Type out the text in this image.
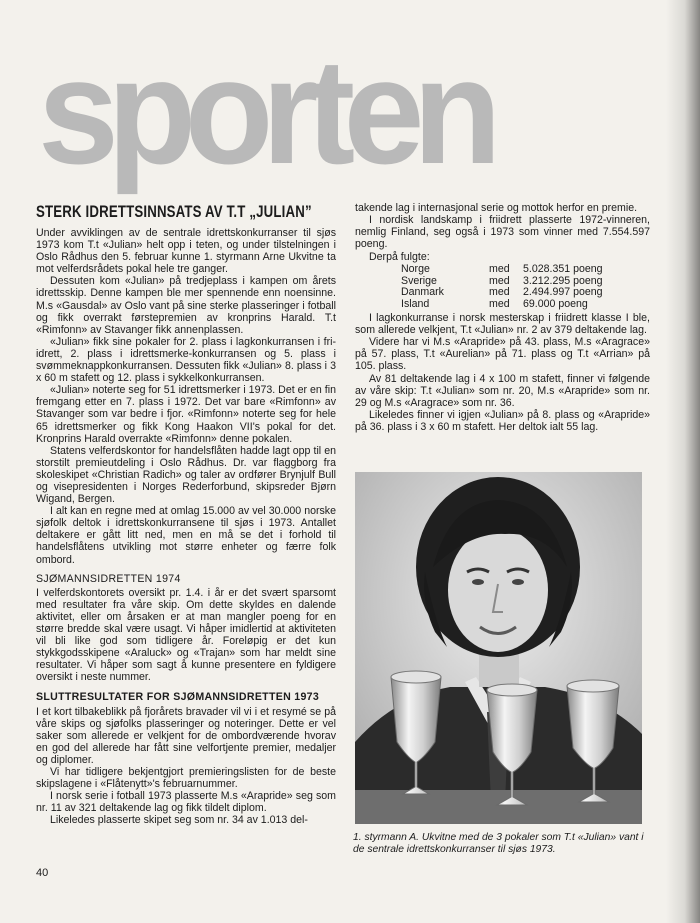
sporten
STERK IDRETTSINNSATS AV T.T „JULIAN”

Under avviklingen av de sentrale idrettskonkurranser til sjøs 1973 kom T.t «Julian» helt opp i teten, og under tilstelningen i Oslo Rådhus den 5. februar kunne 1. styrmann Arne Ukvitne ta mot velferdsrådets pokal hele tre ganger.

Dessuten kom «Julian» på tredjeplass i kampen om årets idrettsskip. Denne kampen ble mer spennende enn noensinne. M.s «Gausdal» av Oslo vant på sine sterke plasseringer i fotball og fikk overrakt førstepremien av kronprins Harald. T.t «Rimfonn» av Stavanger fikk annenplassen.

«Julian» fikk sine pokaler for 2. plass i lagkonkurransen i fri-idrett, 2. plass i idrettsmerke-konkurransen og 5. plass i svømmeknappkonkurransen. Dessuten fikk «Julian» 8. plass i 3 x 60 m stafett og 12. plass i sykkelkonkurransen.

«Julian» noterte seg for 51 idrettsmerker i 1973. Det er en fin fremgang etter en 7. plass i 1972. Det var bare «Rimfonn» av Stavanger som var bedre i fjor. «Rimfonn» noterte seg for hele 65 idrettsmerker og fikk Kong Haakon VII's pokal for det. Kronprins Harald overrakte «Rimfonn» denne pokalen.

Statens velferdskontor for handelsflåten hadde lagt opp til en storstilt premieutdeling i Oslo Rådhus. Dr. var flaggborg fra skoleskipet «Christian Radich» og taler av ordfører Brynjulf Bull og visepresidenten i Norges Rederforbund, skipsreder Bjørn Wigand, Bergen.

I alt kan en regne med at omlag 15.000 av vel 30.000 norske sjøfolk deltok i idrettskonkurransene til sjøs i 1973. Antallet deltakere er gått litt ned, men en må se det i forhold til handelsflåtens utvikling mot større enheter og færre folk ombord.

SJØMANNSIDRETTEN 1974

I velferdskontorets oversikt pr. 1.4. i år er det svært sparsomt med resultater fra våre skip. Om dette skyldes en dalende aktivitet, eller om årsaken er at man mangler poeng for en større bredde skal være usagt. Vi håper imidlertid at aktiviteten vil bli like god som tidligere år. Foreløpig er det kun stykkgodsskipene «Araluck» og «Trajan» som har meldt sine resultater. Vi håper som sagt å kunne presentere en fyldigere oversikt i neste nummer.

SLUTTRESULTATER FOR SJØMANNSIDRETTEN 1973

I et kort tilbakeblikk på fjorårets bravader vil vi i et resymé se på våre skips og sjøfolks plasseringer og noteringer. Dette er vel saker som allerede er velkjent for de ombordværende hvorav en god del allerede har fått sine velfortjente premier, medaljer og diplomer.

Vi har tidligere bekjentgjort premieringslisten for de beste skipslagene i «Flåtenytt»'s februarnummer.

I norsk serie i fotball 1973 plasserte M.s «Arapride» seg som nr. 11 av 321 deltakende lag og fikk tildelt diplom.

Likeledes plasserte skipet seg som nr. 34 av 1.013 del-

takende lag i internasjonal serie og mottok herfor en premie.

I nordisk landskamp i friidrett plasserte 1972-vinneren, nemlig Finland, seg også i 1973 som vinner med 7.554.597 poeng.

Derpå fulgte:
Norge	med	5.028.351 poeng
Sverige	med	3.212.295 poeng
Danmark	med	2.494.997 poeng
Island	med	69.000 poeng

I lagkonkurranse i norsk mesterskap i friidrett klasse I ble, som allerede velkjent, T.t «Julian» nr. 2 av 379 deltakende lag.

Videre har vi M.s «Arapride» på 43. plass, M.s «Aragrace» på 57. plass, T.t «Aurelian» på 71. plass og T.t «Arrian» på 105. plass.

Av 81 deltakende lag i 4 x 100 m stafett, finner vi følgende av våre skip: T.t «Julian» som nr. 20, M.s «Arapride» som nr. 29 og M.s «Aragrace» som nr. 36.

Likeledes finner vi igjen «Julian» på 8. plass og «Arapride» på 36. plass i 3 x 60 m stafett. Her deltok ialt 55 lag.

1. styrmann A. Ukvitne med de 3 pokaler som T.t «Julian» vant i de sentrale idrettskonkurranser til sjøs 1973.
40
